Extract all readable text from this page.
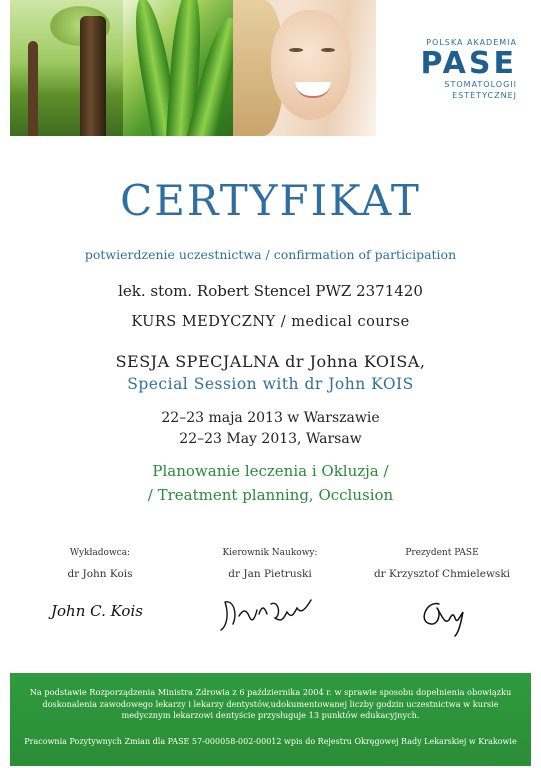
POLSKA AKADEMIA
PASE
STOMATOLOGII
ESTETYCZNEJ
CERTYFIKAT
potwierdzenie uczestnictwa / confirmation of participation
lek. stom. Robert Stencel PWZ 2371420
KURS MEDYCZNY / medical course
SESJA SPECJALNA dr Johna KOISA,
Special Session with dr John KOIS
22–23 maja 2013 w Warszawie
22–23 May 2013, Warsaw
Planowanie leczenia i Okluzja /
/ Treatment planning, Occlusion
Wykładowca:
dr John Kois
John C. Kois
Kierownik Naukowy:
dr Jan Pietruski
Prezydent PASE
dr Krzysztof Chmielewski
Na podstawie Rozporządzenia Ministra Zdrowia z 6 października 2004 r. w sprawie sposobu dopełnienia obowiązku doskonalenia zawodowego lekarzy i lekarzy dentystów,udokumentowanej liczby godzin uczestnictwa w kursie medycznym lekarzowi dentyście przysługuje 13 punktów edukacyjnych.
Pracownia Pozytywnych Zmian dla PASE 57-000058-002-00012 wpis do Rejestru Okręgowej Rady Lekarskiej w Krakowie
